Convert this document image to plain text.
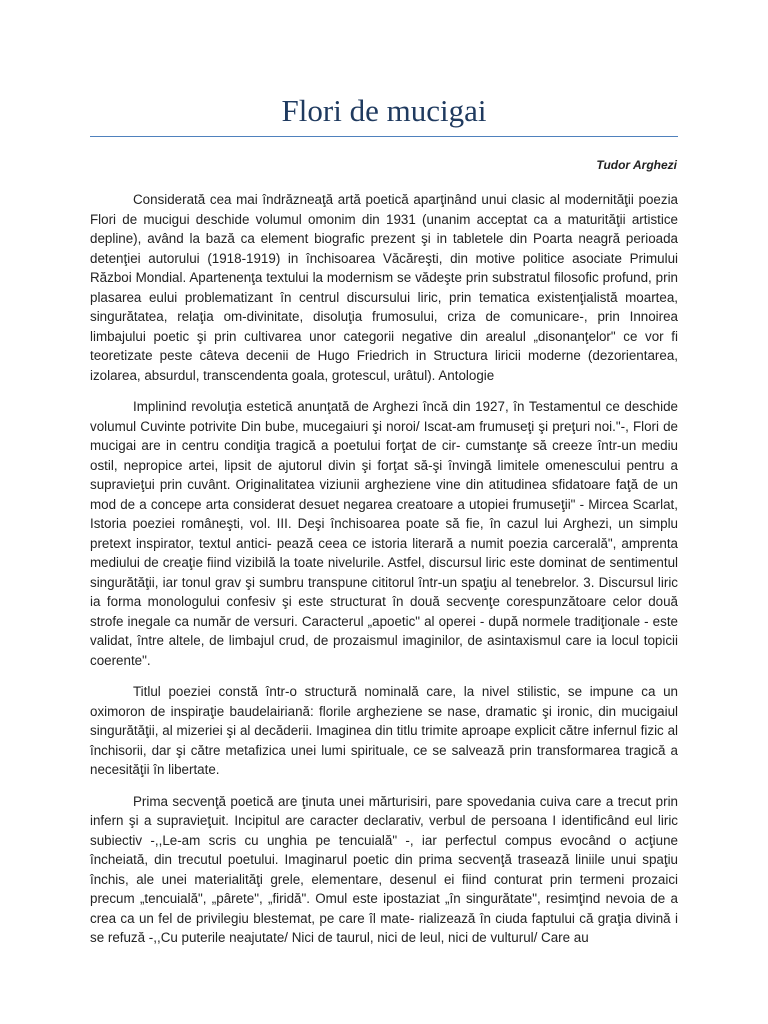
Flori de mucigai
Tudor Arghezi

Considerată cea mai îndrăzneaţă artă poetică aparţinând unui clasic al modernităţii poezia Flori de mucigui deschide volumul omonim din 1931 (unanim acceptat ca a maturităţii artistice depline), având la bază ca element biografic prezent şi in tabletele din Poarta neagră perioada detenţiei autorului (1918-1919) in închisoarea Văcăreşti, din motive politice asociate Primului Război Mondial. Apartenenţa textului la modernism se vădeşte prin substratul filosofic profund, prin plasarea eului problematizant în centrul discursului liric, prin tematica existenţialistă moartea, singurătatea, relaţia om-divinitate, disoluţia frumosului, criza de comunicare-, prin Innoirea limbajului poetic şi prin cultivarea unor categorii negative din arealul „disonanţelor" ce vor fi teoretizate peste câteva decenii de Hugo Friedrich in Structura liricii moderne (dezorientarea, izolarea, absurdul, transcendenta goala, grotescul, urâtul). Antologie

Implinind revoluţia estetică anunţată de Arghezi încă din 1927, în Testamentul ce deschide volumul Cuvinte potrivite Din bube, mucegaiuri şi noroi/ Iscat-am frumuseţi şi preţuri noi."-, Flori de mucigai are in centru condiţia tragică a poetului forţat de cir- cumstanţe să creeze într-un mediu ostil, nepropice artei, lipsit de ajutorul divin şi forţat să-şi învingă limitele omenescului pentru a supravieţui prin cuvânt. Originalitatea viziunii argheziene vine din atitudinea sfidatoare faţă de un mod de a concepe arta considerat desuet negarea creatoare a utopiei frumuseţii" - Mircea Scarlat, Istoria poeziei româneşti, vol. III. Deşi închisoarea poate să fie, în cazul lui Arghezi, un simplu pretext inspirator, textul antici- pează ceea ce istoria literară a numit poezia carcerală", amprenta mediului de creaţie fiind vizibilă la toate nivelurile. Astfel, discursul liric este dominat de sentimentul singurătăţii, iar tonul grav şi sumbru transpune cititorul într-un spaţiu al tenebrelor. 3. Discursul liric ia forma monologului confesiv şi este structurat în două secvenţe corespunzătoare celor două strofe inegale ca număr de versuri. Caracterul „apoetic" al operei - după normele tradiţionale - este validat, între altele, de limbajul crud, de prozaismul imaginilor, de asintaxismul care ia locul topicii coerente".

Titlul poeziei constă într-o structură nominală care, la nivel stilistic, se impune ca un oximoron de inspiraţie baudelairiană: florile argheziene se nase, dramatic şi ironic, din mucigaiul singurătăţii, al mizeriei şi al decăderii. Imaginea din titlu trimite aproape explicit către infernul fizic al închisorii, dar şi către metafizica unei lumi spirituale, ce se salvează prin transformarea tragică a necesităţii în libertate.

Prima secvenţă poetică are ţinuta unei mărturisiri, pare spovedania cuiva care a trecut prin infern şi a supravieţuit. Incipitul are caracter declarativ, verbul de persoana I identificând eul liric subiectiv -,,Le-am scris cu unghia pe tencuială" -, iar perfectul compus evocând o acţiune încheiată, din trecutul poetului. Imaginarul poetic din prima secvenţă trasează liniile unui spaţiu închis, ale unei materialităţi grele, elementare, desenul ei fiind conturat prin termeni prozaici precum „tencuială", „pârete", „firidă". Omul este ipostaziat „în singurătate", resimţind nevoia de a crea ca un fel de privilegiu blestemat, pe care îl mate- rializează în ciuda faptului că graţia divină i se refuză -,,Cu puterile neajutate/ Nici de taurul, nici de leul, nici de vulturul/ Care au
